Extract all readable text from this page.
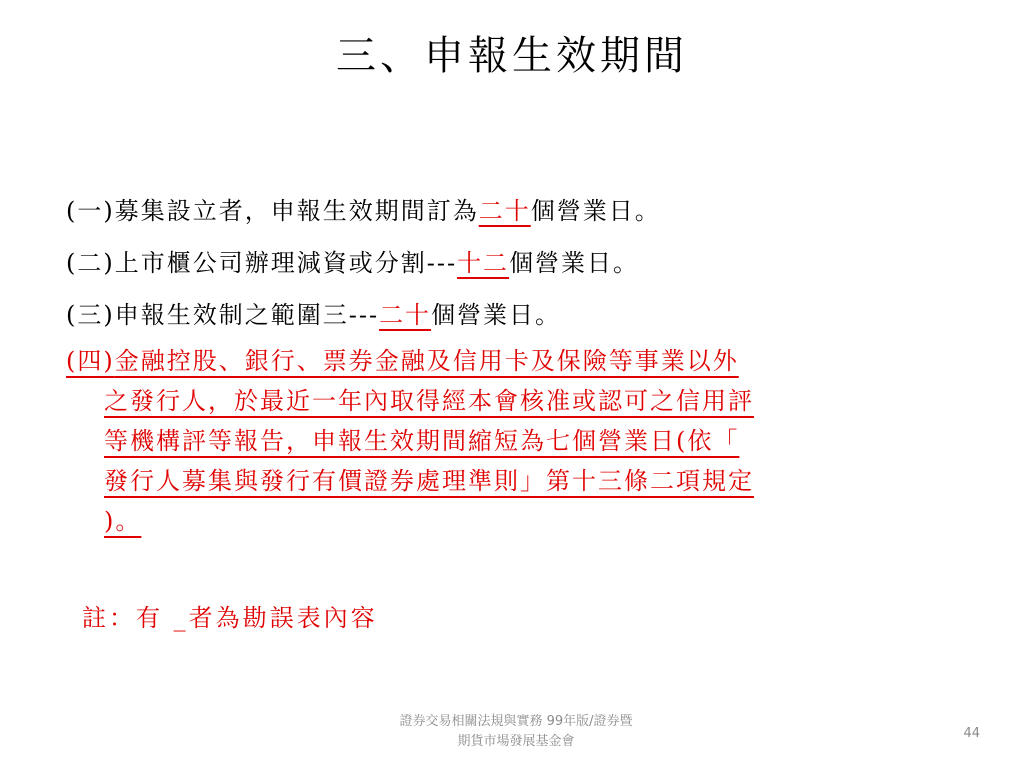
三、申報生效期間
(一)募集設立者，申報生效期間訂為二十個營業日。
(二)上市櫃公司辦理減資或分割---十二個營業日。
(三)申報生效制之範圍三---二十個營業日。
(四)金融控股、銀行、票券金融及信用卡及保險等事業以外
之發行人，於最近一年內取得經本會核准或認可之信用評
等機構評等報告，申報生效期間縮短為七個營業日(依「
發行人募集與發行有價證券處理準則」第十三條二項規定
)。
註：有 _者為勘誤表內容
證券交易相關法規與實務 99年版/證券暨
期貨市場發展基金會
44
